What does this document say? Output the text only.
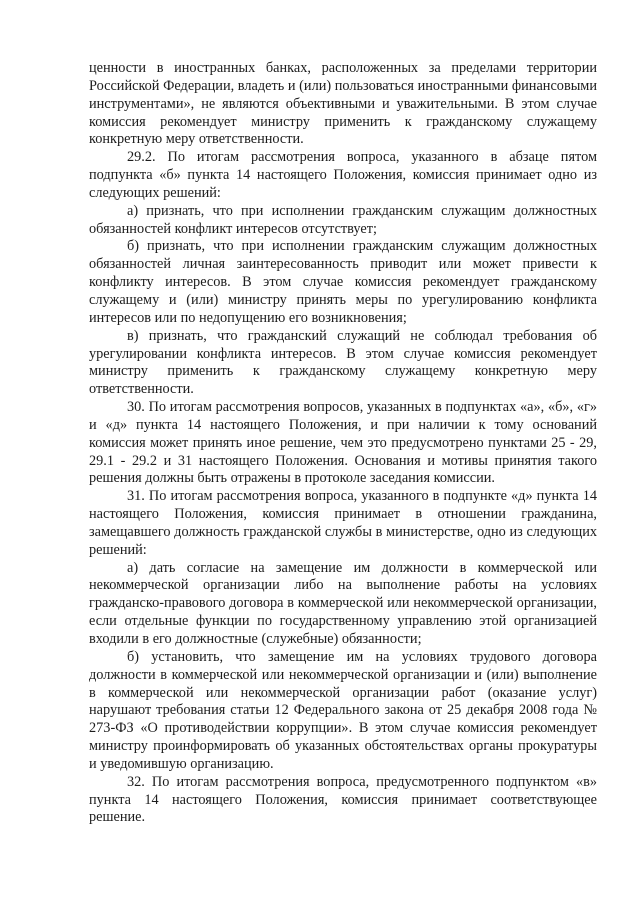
ценности в иностранных банках, расположенных за пределами территории Российской Федерации, владеть и (или) пользоваться иностранными финансовыми инструментами», не являются объективными и уважительными. В этом случае комиссия рекомендует министру применить к гражданскому служащему конкретную меру ответственности.

29.2. По итогам рассмотрения вопроса, указанного в абзаце пятом подпункта «б» пункта 14 настоящего Положения, комиссия принимает одно из следующих решений:

а) признать, что при исполнении гражданским служащим должностных обязанностей конфликт интересов отсутствует;

б) признать, что при исполнении гражданским служащим должностных обязанностей личная заинтересованность приводит или может привести к конфликту интересов. В этом случае комиссия рекомендует гражданскому служащему и (или) министру принять меры по урегулированию конфликта интересов или по недопущению его возникновения;

в) признать, что гражданский служащий не соблюдал требования об урегулировании конфликта интересов. В этом случае комиссия рекомендует министру применить к гражданскому служащему конкретную меру ответственности.

30. По итогам рассмотрения вопросов, указанных в подпунктах «а», «б», «г» и «д» пункта 14 настоящего Положения, и при наличии к тому оснований комиссия может принять иное решение, чем это предусмотрено пунктами 25 - 29, 29.1 - 29.2 и 31 настоящего Положения. Основания и мотивы принятия такого решения должны быть отражены в протоколе заседания комиссии.

31. По итогам рассмотрения вопроса, указанного в подпункте «д» пункта 14 настоящего Положения, комиссия принимает в отношении гражданина, замещавшего должность гражданской службы в министерстве, одно из следующих решений:

а) дать согласие на замещение им должности в коммерческой или некоммерческой организации либо на выполнение работы на условиях гражданско-правового договора в коммерческой или некоммерческой организации, если отдельные функции по государственному управлению этой организацией входили в его должностные (служебные) обязанности;

б) установить, что замещение им на условиях трудового договора должности в коммерческой или некоммерческой организации и (или) выполнение в коммерческой или некоммерческой организации работ (оказание услуг) нарушают требования статьи 12 Федерального закона от 25 декабря 2008 года № 273-ФЗ «О противодействии коррупции». В этом случае комиссия рекомендует министру проинформировать об указанных обстоятельствах органы прокуратуры и уведомившую организацию.

32. По итогам рассмотрения вопроса, предусмотренного подпунктом «в» пункта 14 настоящего Положения, комиссия принимает соответствующее решение.
